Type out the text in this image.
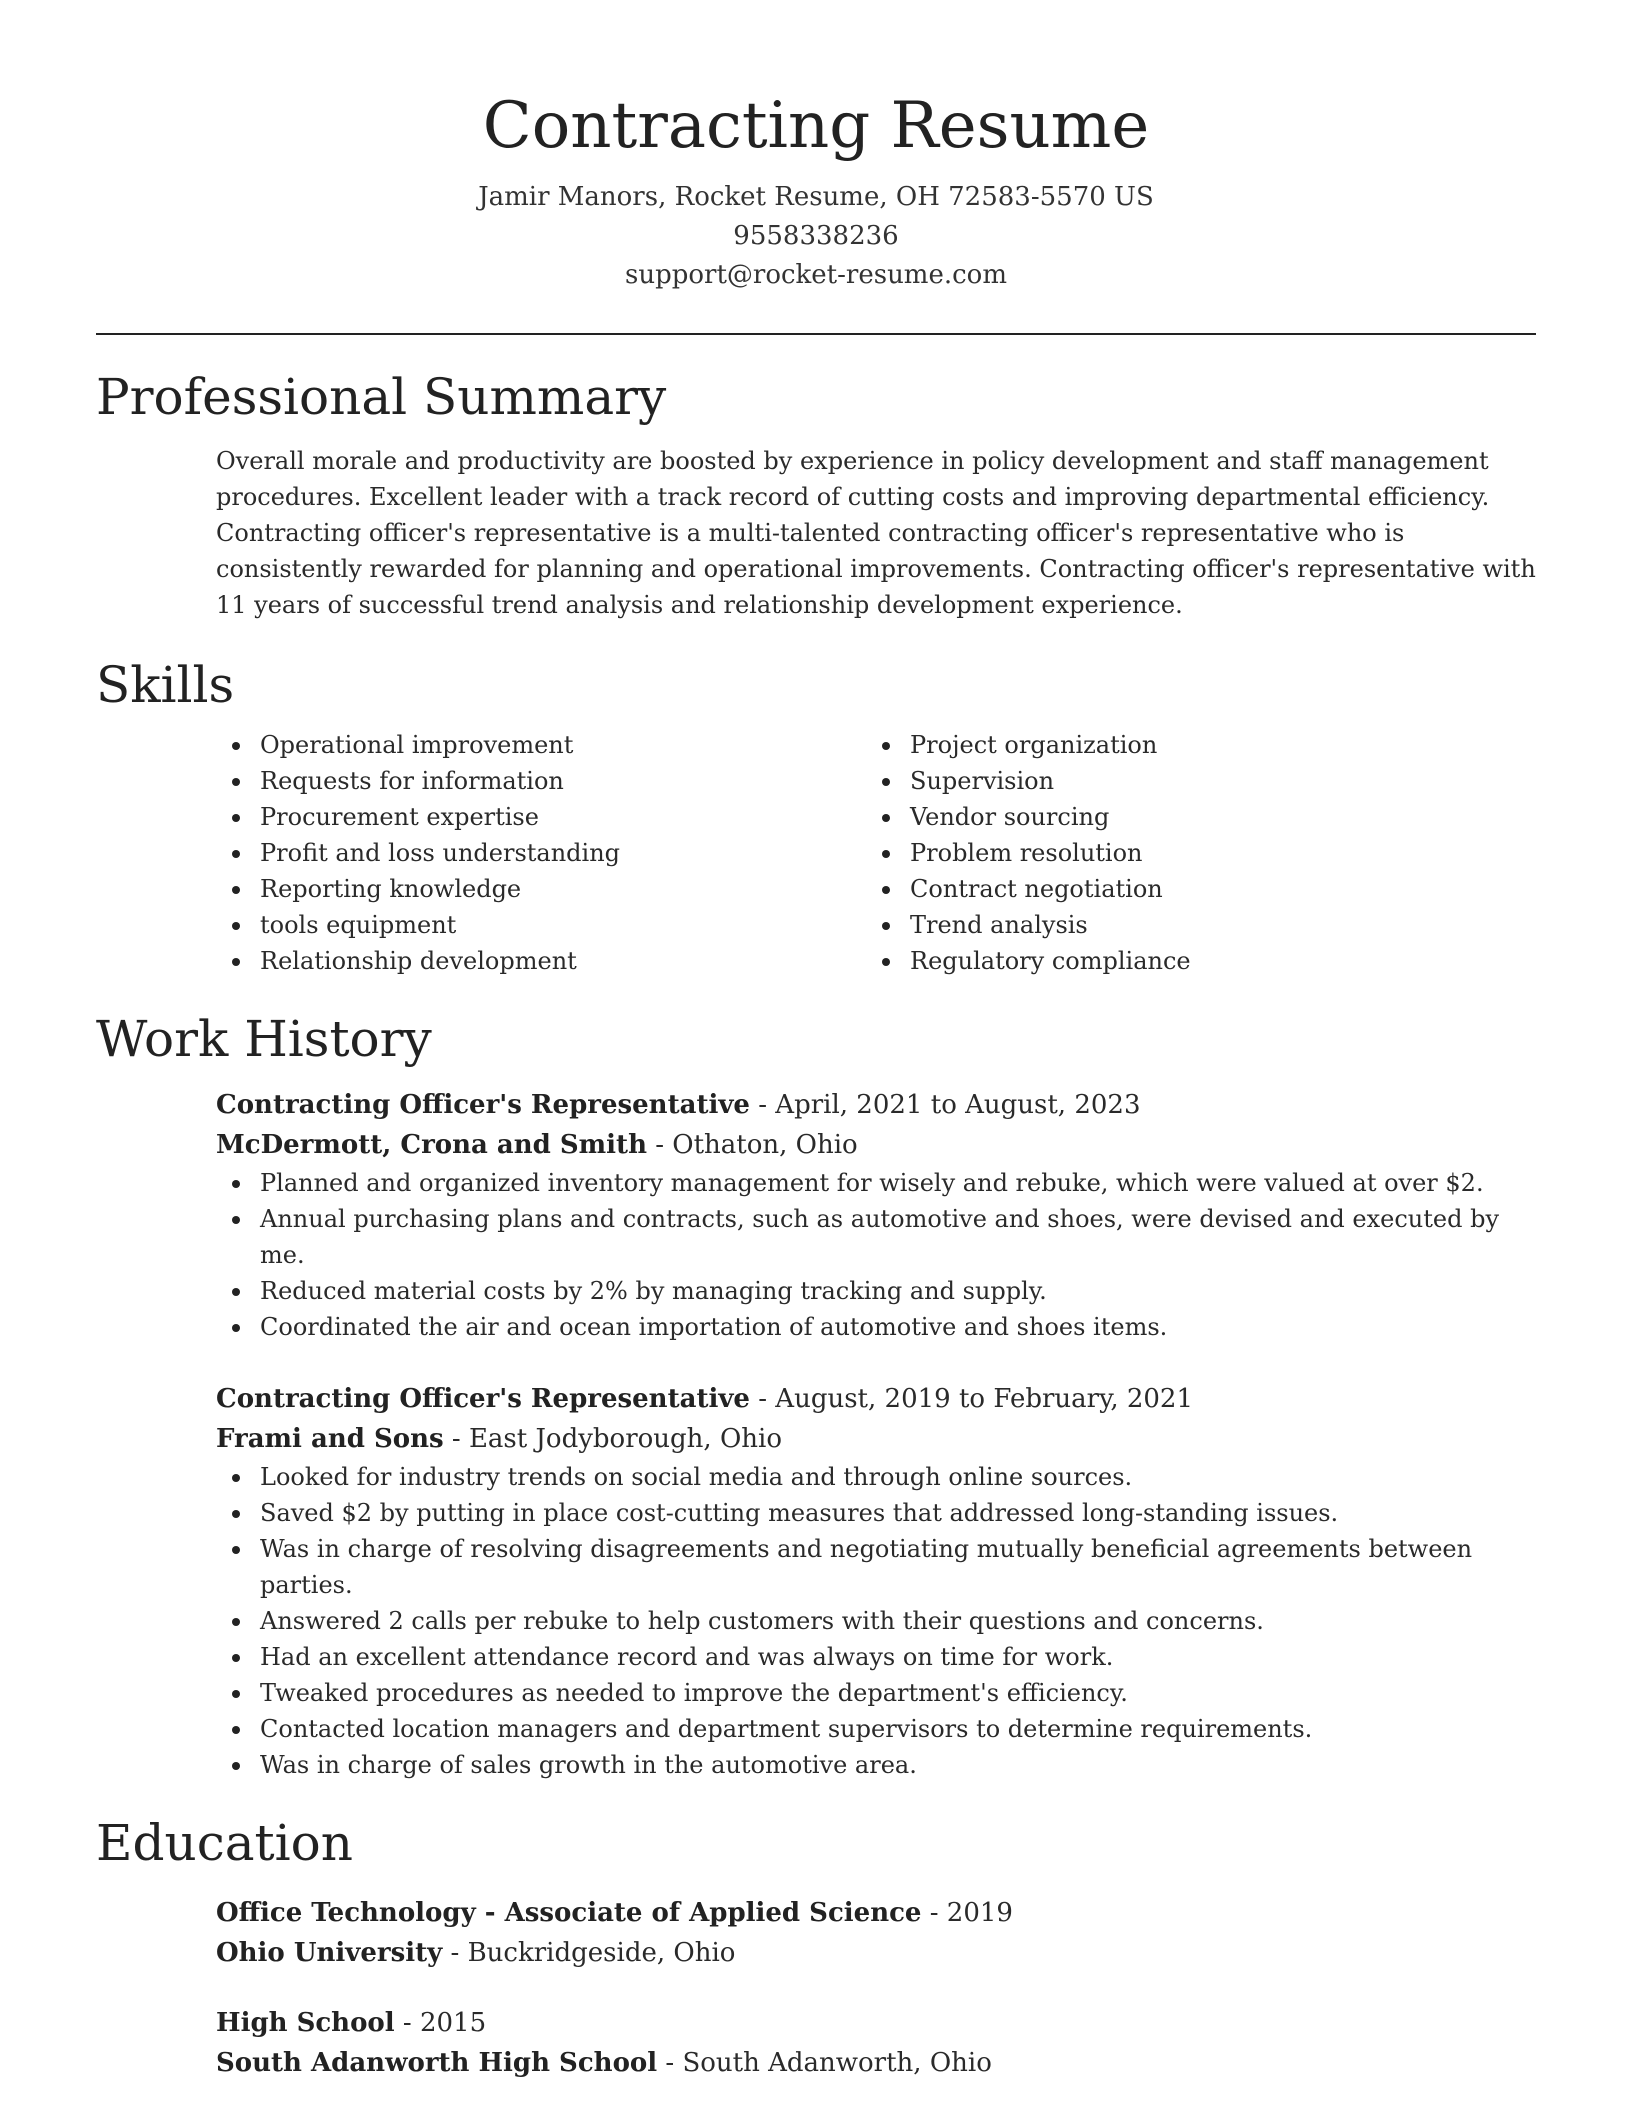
Contracting Resume
Jamir Manors, Rocket Resume, OH 72583-5570 US
9558338236
support@rocket-resume.com
Professional Summary

Overall morale and productivity are boosted by experience in policy development and staff management procedures. Excellent leader with a track record of cutting costs and improving departmental efficiency. Contracting officer's representative is a multi-talented contracting officer's representative who is consistently rewarded for planning and operational improvements. Contracting officer's representative with 11 years of successful trend analysis and relationship development experience.

Skills
Operational improvement
Requests for information
Procurement expertise
Profit and loss understanding
Reporting knowledge
tools equipment
Relationship development
Project organization
Supervision
Vendor sourcing
Problem resolution
Contract negotiation
Trend analysis
Regulatory compliance
Work History
Contracting Officer's Representative - April, 2021 to August, 2023
McDermott, Crona and Smith - Othaton, Ohio
Planned and organized inventory management for wisely and rebuke, which were valued at over $2.
Annual purchasing plans and contracts, such as automotive and shoes, were devised and executed by me.
Reduced material costs by 2% by managing tracking and supply.
Coordinated the air and ocean importation of automotive and shoes items.
Contracting Officer's Representative - August, 2019 to February, 2021
Frami and Sons - East Jodyborough, Ohio
Looked for industry trends on social media and through online sources.
Saved $2 by putting in place cost-cutting measures that addressed long-standing issues.
Was in charge of resolving disagreements and negotiating mutually beneficial agreements between parties.
Answered 2 calls per rebuke to help customers with their questions and concerns.
Had an excellent attendance record and was always on time for work.
Tweaked procedures as needed to improve the department's efficiency.
Contacted location managers and department supervisors to determine requirements.
Was in charge of sales growth in the automotive area.
Education
Office Technology - Associate of Applied Science - 2019
Ohio University - Buckridgeside, Ohio
High School - 2015
South Adanworth High School - South Adanworth, Ohio
